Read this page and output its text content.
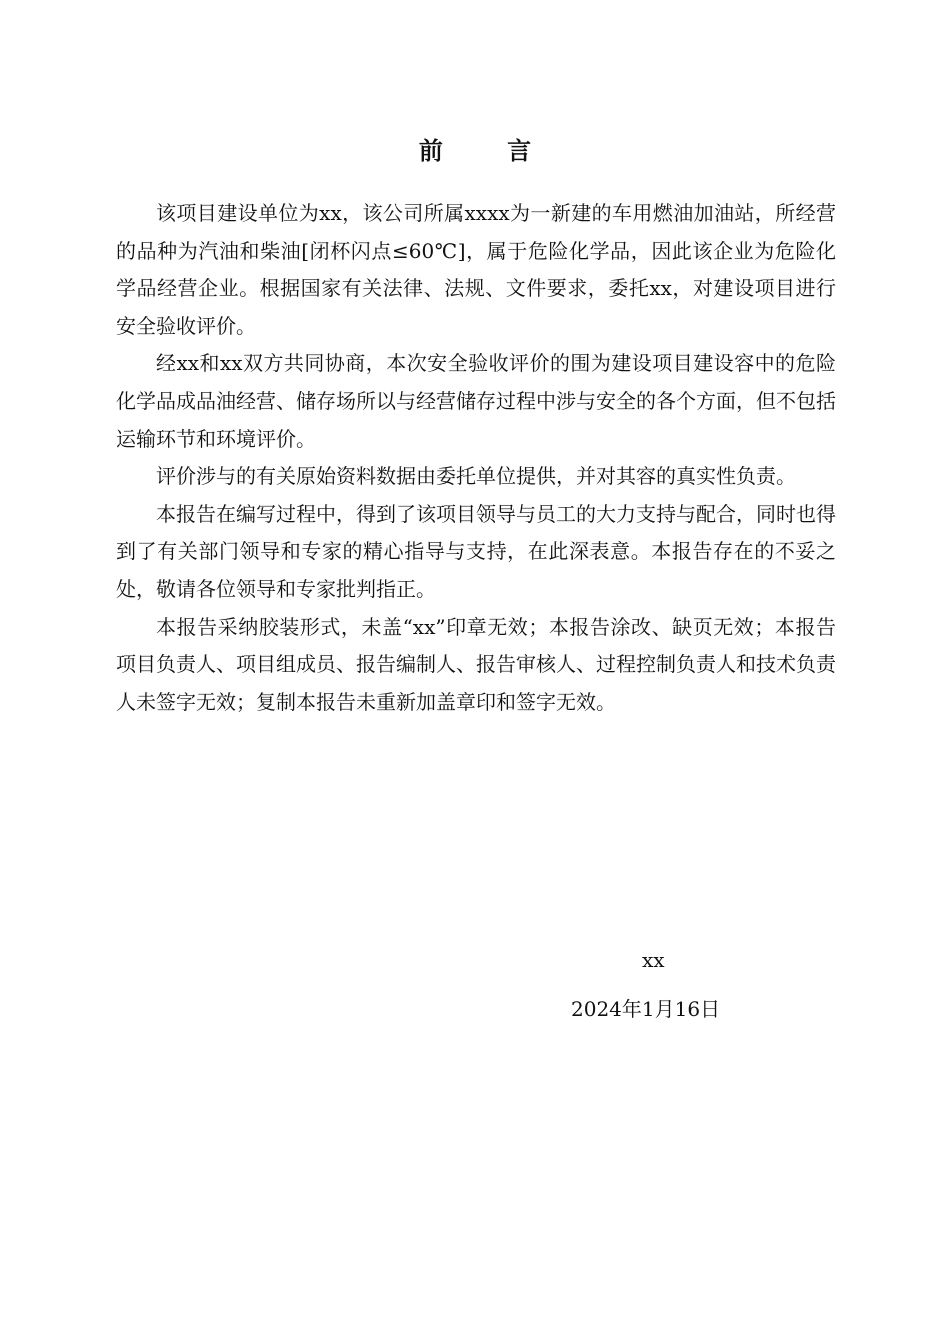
前 言

该项目建设单位为xx，该公司所属xxxx为一新建的车用燃油加油站，所经营的品种为汽油和柴油[闭杯闪点≤60℃]，属于危险化学品，因此该企业为危险化学品经营企业。根据国家有关法律、法规、文件要求，委托xx，对建设项目进行安全验收评价。

经xx和xx双方共同协商，本次安全验收评价的围为建设项目建设容中的危险化学品成品油经营、储存场所以与经营储存过程中涉与安全的各个方面，但不包括运输环节和环境评价。

评价涉与的有关原始资料数据由委托单位提供，并对其容的真实性负责。

本报告在编写过程中，得到了该项目领导与员工的大力支持与配合，同时也得到了有关部门领导和专家的精心指导与支持，在此深表意。本报告存在的不妥之处，敬请各位领导和专家批判指正。

本报告采纳胶装形式，未盖“xx”印章无效；本报告涂改、缺页无效；本报告项目负责人、项目组成员、报告编制人、报告审核人、过程控制负责人和技术负责人未签字无效；复制本报告未重新加盖章印和签字无效。

xx
2024年1月16日
